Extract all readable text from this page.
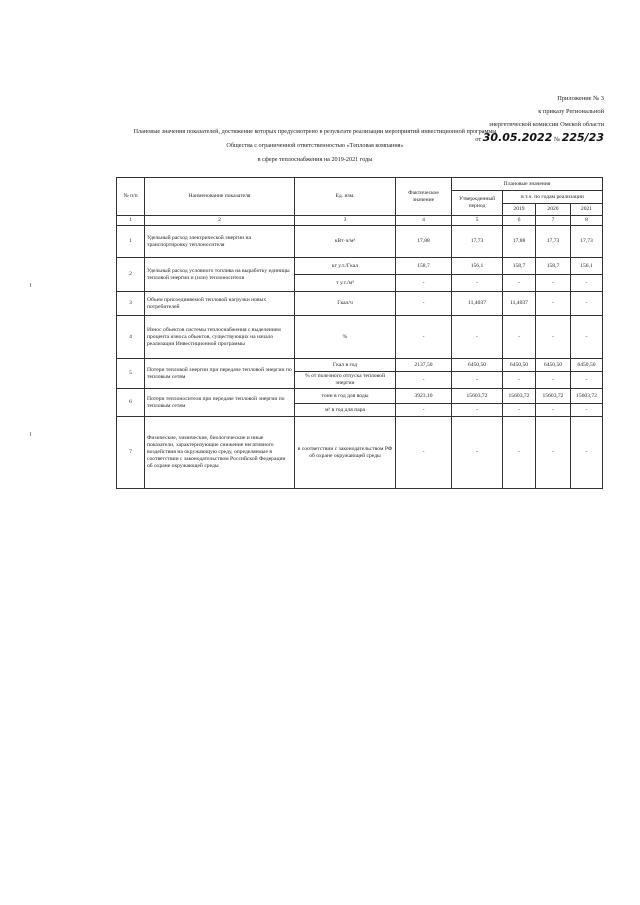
Приложение № 3
к приказу Региональной
энергетической комиссии Омской области
от 30.05.2022 № 225/23
Плановые значения показателей, достижение которых предусмотрено в результате реализации мероприятий инвестиционной программы
Общества с ограниченной ответственностью «Тепловая компания»
в сфере теплоснабжения на 2019-2021 годы
№ п/п	Наименование показателя	Ед. изм.	Фактическое значение	Плановые значения			
				Утвержденный период	в т.ч. по годам реализации		
					2019	2020	2021
1	2	3	4	5	6	7	8
1	Удельный расход электрической энергии на транспортировку теплоносителя	кВт·ч/м³	17,88	17,73	17,88	17,73	17,73
2	Удельный расход условного топлива на выработку единицы тепловой энергии и (или) теплоносителя	кг у.т./Гкал	158,7	156,1	158,7	158,7	156,1
		т у.т./м³	-	-	-	-	-
3	Объем присоединяемой тепловой нагрузки новых потребителей	Гкал/ч	-	11,4037	11,4037	-	-
4	Износ объектов системы теплоснабжения с выделением процента износа объектов, существующих на начало реализации Инвестиционной программы	%	-	-	-	-	-
5	Потери тепловой энергии при передаче тепловой энергии по тепловым сетям	Гкал в год	2137,50	6450,50	6450,50	6450,50	6450,50
		% от полезного отпуска тепловой энергии	-	-	-	-	-
6	Потери теплоносителя при передаче тепловой энергии по тепловым сетям	тонн в год для воды	3923,10	15603,72	15603,72	15603,72	15603,72
		м³ в год для пара	-	-	-	-	-
7	Физические, химические, биологические и иные показатели, характеризующие снижение негативного воздействия на окружающую среду, определяемые в соответствии с законодательством Российской Федерации об охране окружающей среды	в соответствии с законодательством РФ об охране окружающей среды	-	-	-	-	-
